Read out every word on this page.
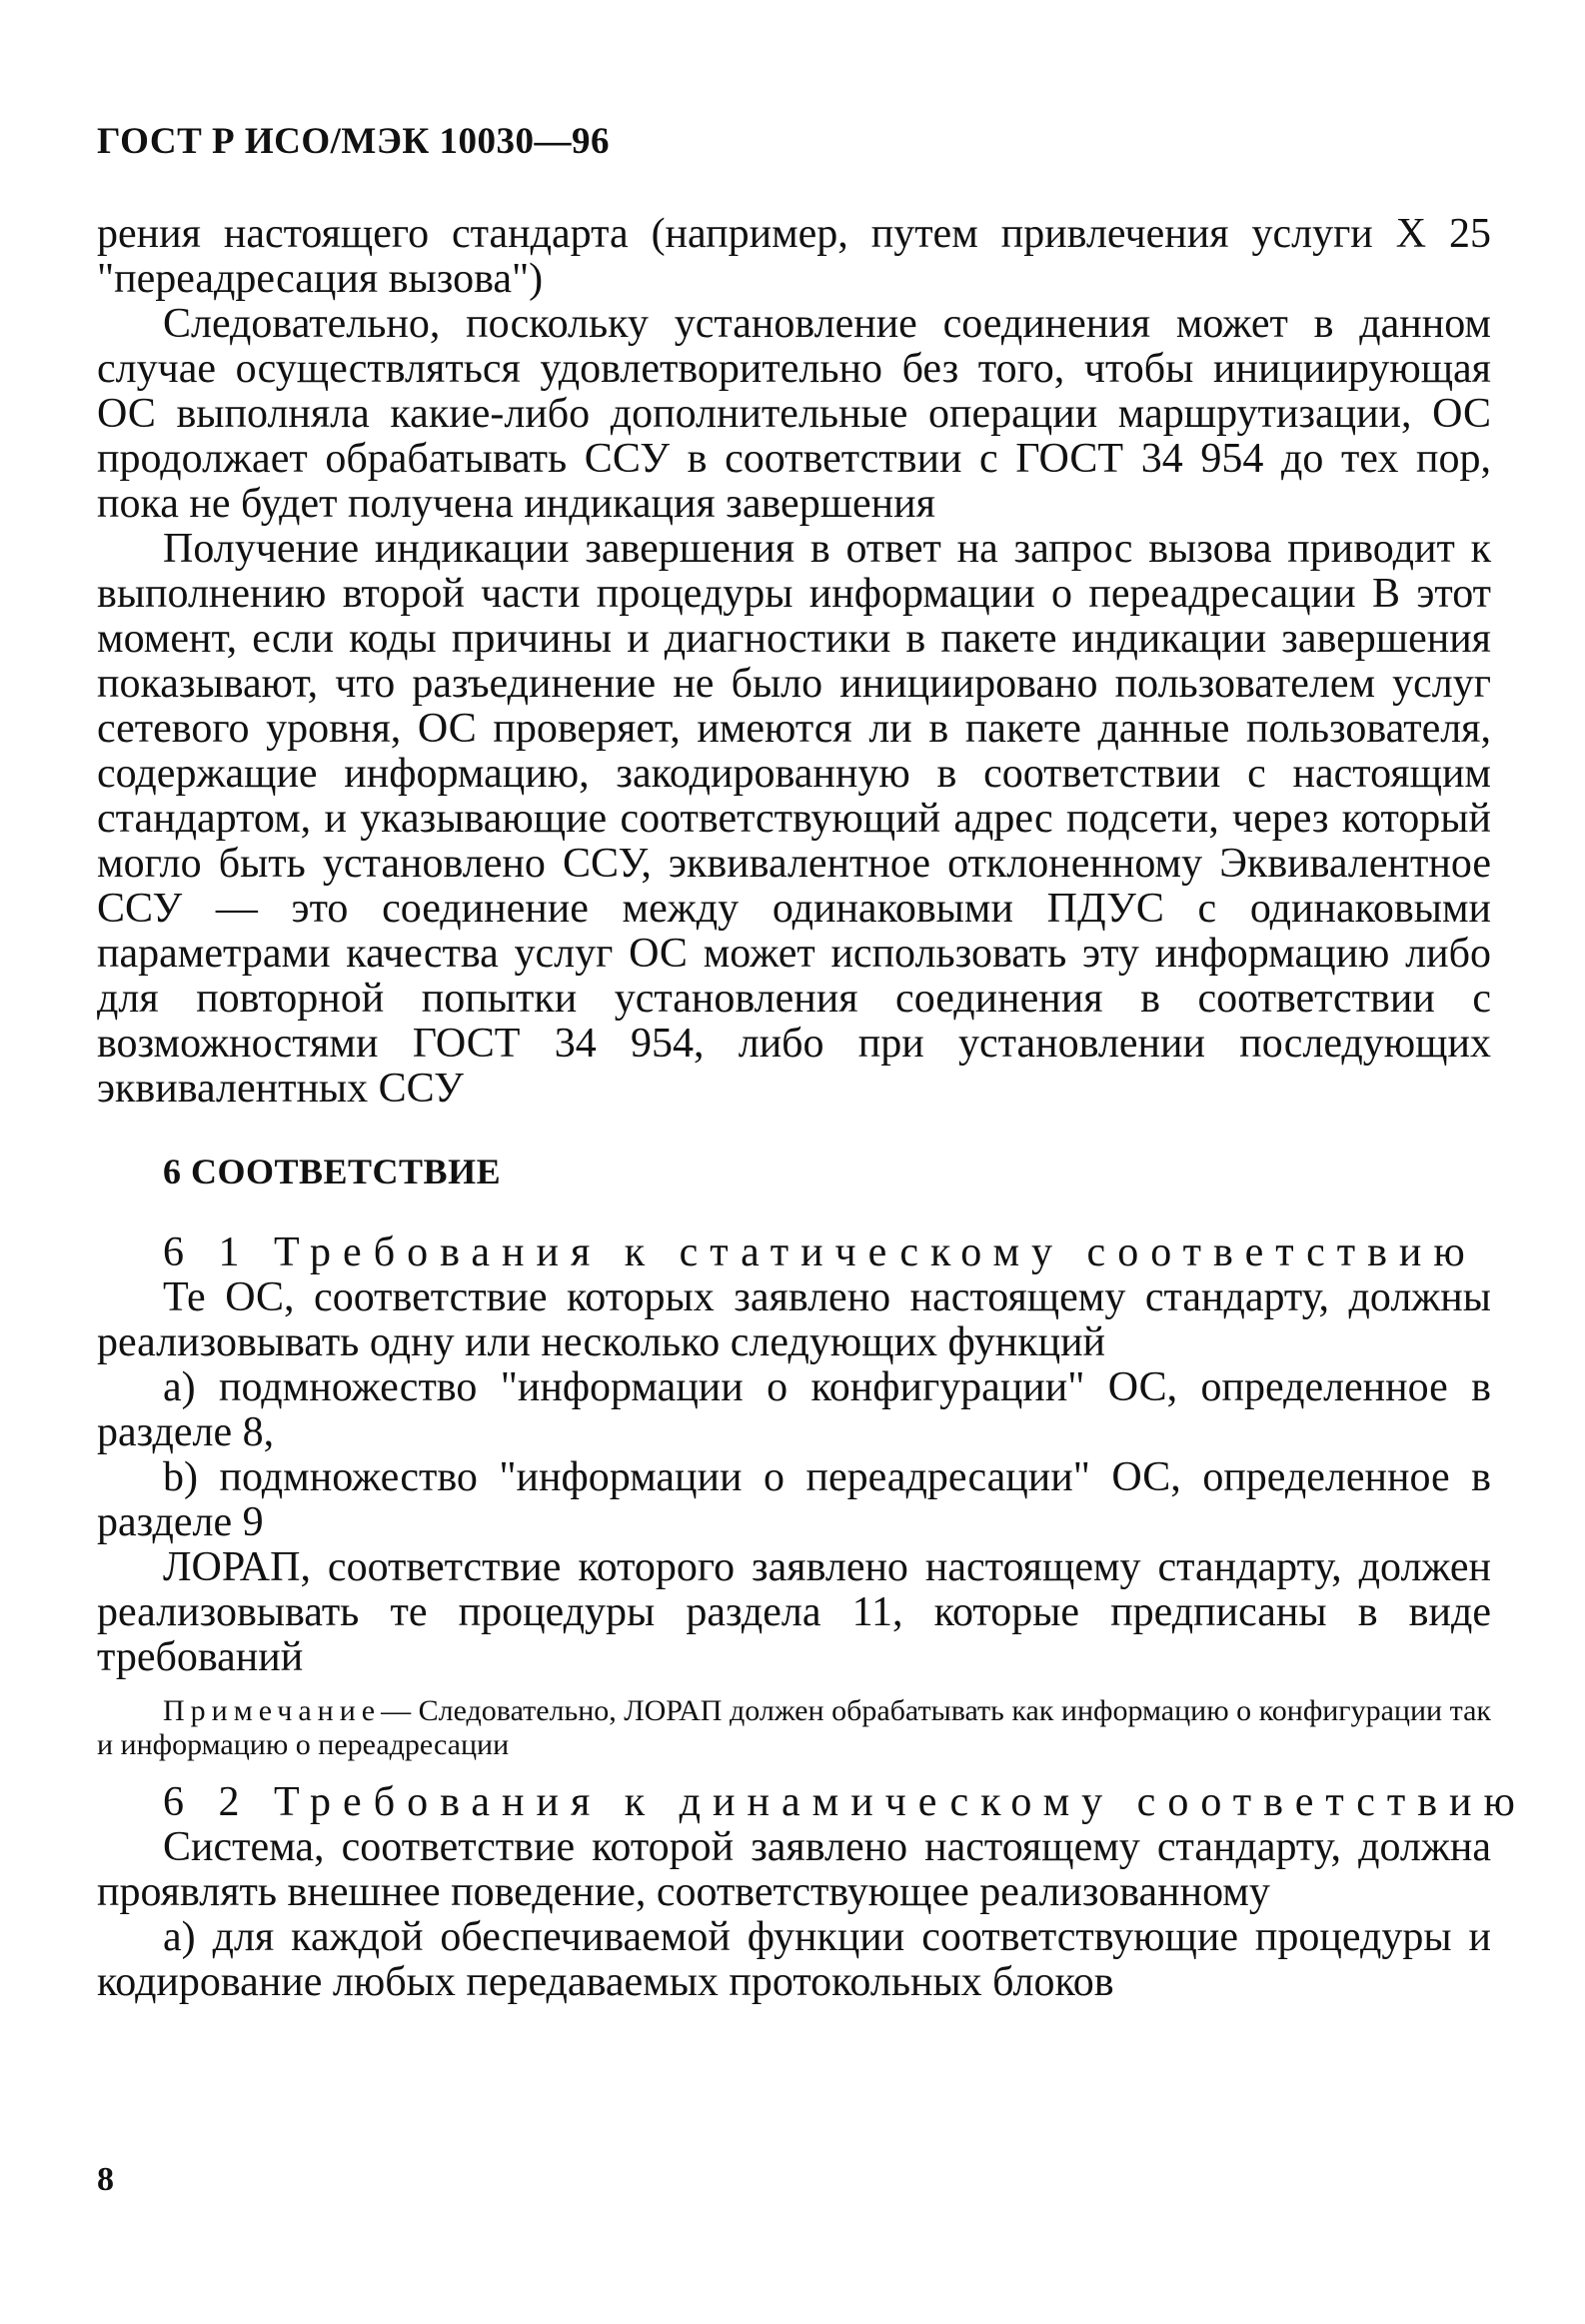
ГОСТ Р ИСО/МЭК 10030—96

рения настоящего стандарта (например, путем привлечения услуги X 25 "переадресация вызова")

Следовательно, поскольку установление соединения может в данном случае осуществляться удовлетворительно без того, чтобы инициирующая ОС выполняла какие-либо дополнительные операции маршрутизации, ОС продолжает обрабатывать ССУ в соответствии с ГОСТ 34 954 до тех пор, пока не будет получена индикация завершения

Получение индикации завершения в ответ на запрос вызова приводит к выполнению второй части процедуры информации о переадресации В этот момент, если коды причины и диагностики в пакете индикации завершения показывают, что разъединение не было инициировано пользователем услуг сетевого уровня, ОС проверяет, имеются ли в пакете данные пользователя, содержащие информацию, закодированную в соответствии с настоящим стандартом, и указывающие соответствующий адрес подсети, через который могло быть установлено ССУ, эквивалентное отклоненному Эквивалентное ССУ — это соединение между одинаковыми ПДУС с одинаковыми параметрами качества услуг ОС может использовать эту информацию либо для повторной попытки установления соединения в соответствии с возможностями ГОСТ 34 954, либо при установлении последующих эквивалентных ССУ

6 СООТВЕТСТВИЕ

6 1 Требования к статическому соответствию

Те ОС, соответствие которых заявлено настоящему стандарту, должны реализовывать одну или несколько следующих функций

а) подмножество "информации о конфигурации" ОС, определенное в разделе 8,

b) подмножество "информации о переадресации" ОС, определенное в разделе 9

ЛОРАП, соответствие которого заявлено настоящему стандарту, должен реализовывать те процедуры раздела 11, которые предписаны в виде требований

Примечание— Следовательно, ЛОРАП должен обрабатывать как информацию о конфигурации так и информацию о переадресации

6 2 Требования к динамическому соответствию

Система, соответствие которой заявлено настоящему стандарту, должна проявлять внешнее поведение, соответствующее реализованному

а) для каждой обеспечиваемой функции соответствующие процедуры и кодирование любых передаваемых протокольных блоков

8
